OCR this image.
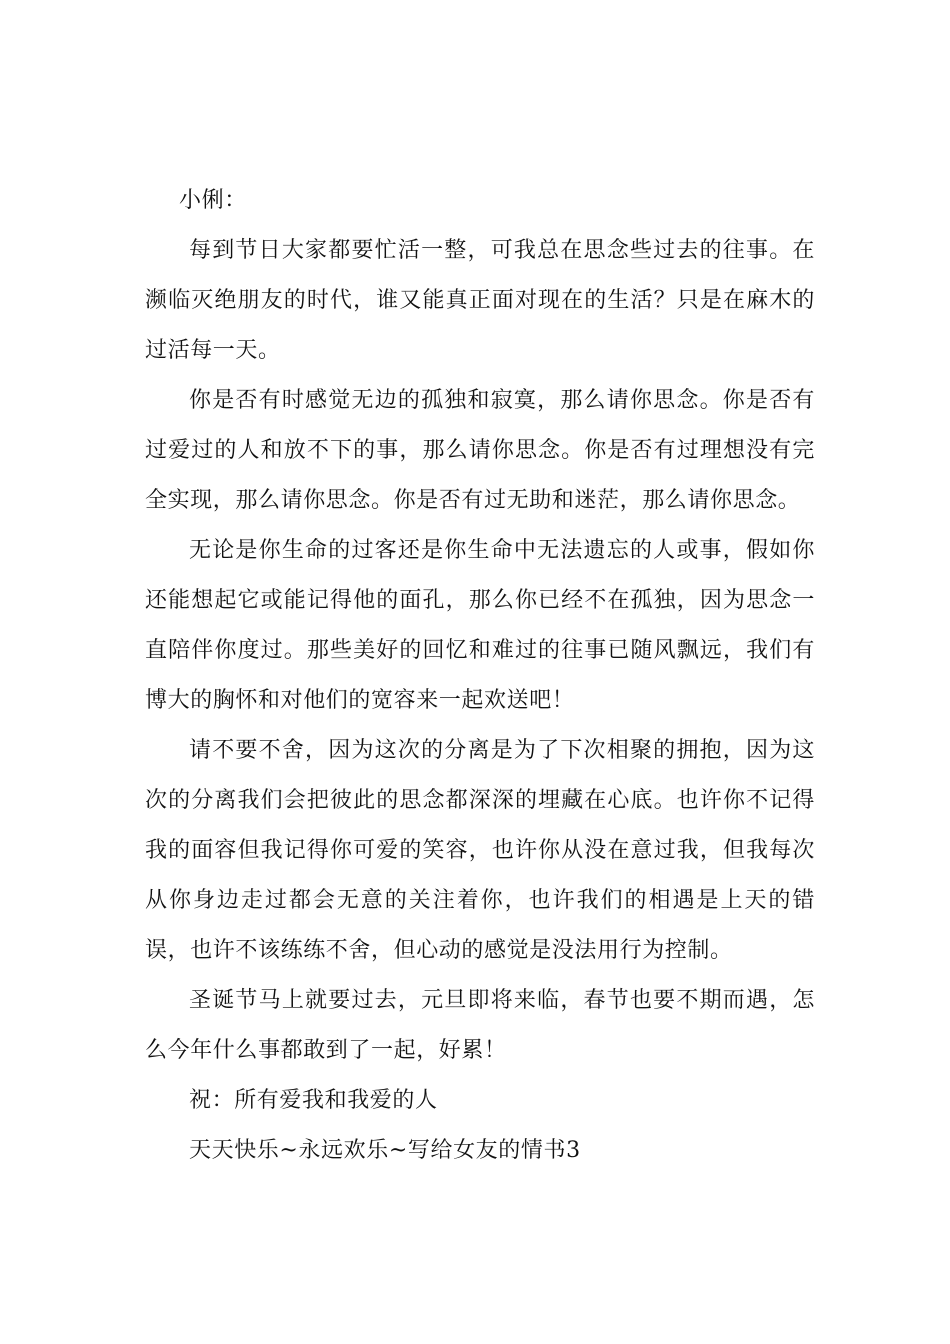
小俐：

每到节日大家都要忙活一整，可我总在思念些过去的往事。在濒临灭绝朋友的时代，谁又能真正面对现在的生活？只是在麻木的过活每一天。

你是否有时感觉无边的孤独和寂寞，那么请你思念。你是否有过爱过的人和放不下的事，那么请你思念。你是否有过理想没有完全实现，那么请你思念。你是否有过无助和迷茫，那么请你思念。

无论是你生命的过客还是你生命中无法遗忘的人或事，假如你还能想起它或能记得他的面孔，那么你已经不在孤独，因为思念一直陪伴你度过。那些美好的回忆和难过的往事已随风飘远，我们有博大的胸怀和对他们的宽容来一起欢送吧！

请不要不舍，因为这次的分离是为了下次相聚的拥抱，因为这次的分离我们会把彼此的思念都深深的埋藏在心底。也许你不记得我的面容但我记得你可爱的笑容，也许你从没在意过我，但我每次从你身边走过都会无意的关注着你，也许我们的相遇是上天的错误，也许不该练练不舍，但心动的感觉是没法用行为控制。

圣诞节马上就要过去，元旦即将来临，春节也要不期而遇，怎么今年什么事都敢到了一起，好累！

祝：所有爱我和我爱的人

天天快乐~永远欢乐~写给女友的情书3
